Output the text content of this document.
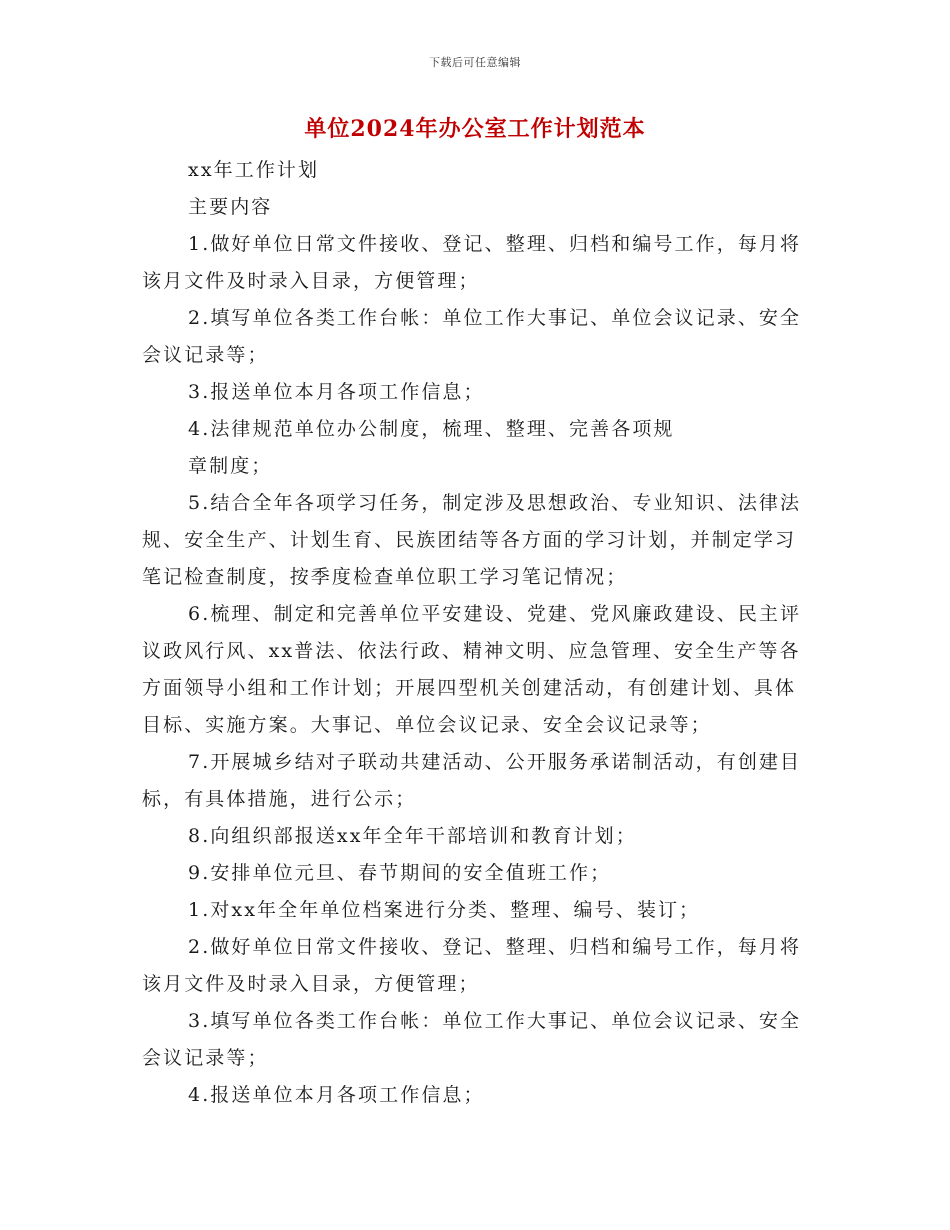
下载后可任意编辑
单位2024年办公室工作计划范本

xx年工作计划

主要内容

1.做好单位日常文件接收、登记、整理、归档和编号工作，每月将该月文件及时录入目录，方便管理；

2.填写单位各类工作台帐：单位工作大事记、单位会议记录、安全会议记录等；

3.报送单位本月各项工作信息；

4.法律规范单位办公制度，梳理、整理、完善各项规

章制度；

5.结合全年各项学习任务，制定涉及思想政治、专业知识、法律法规、安全生产、计划生育、民族团结等各方面的学习计划，并制定学习笔记检查制度，按季度检查单位职工学习笔记情况；

6.梳理、制定和完善单位平安建设、党建、党风廉政建设、民主评议政风行风、xx普法、依法行政、精神文明、应急管理、安全生产等各方面领导小组和工作计划；开展四型机关创建活动，有创建计划、具体目标、实施方案。大事记、单位会议记录、安全会议记录等；

7.开展城乡结对子联动共建活动、公开服务承诺制活动，有创建目标，有具体措施，进行公示；

8.向组织部报送xx年全年干部培训和教育计划；

9.安排单位元旦、春节期间的安全值班工作；

1.对xx年全年单位档案进行分类、整理、编号、装订；

2.做好单位日常文件接收、登记、整理、归档和编号工作，每月将该月文件及时录入目录，方便管理；

3.填写单位各类工作台帐：单位工作大事记、单位会议记录、安全会议记录等；

4.报送单位本月各项工作信息；
